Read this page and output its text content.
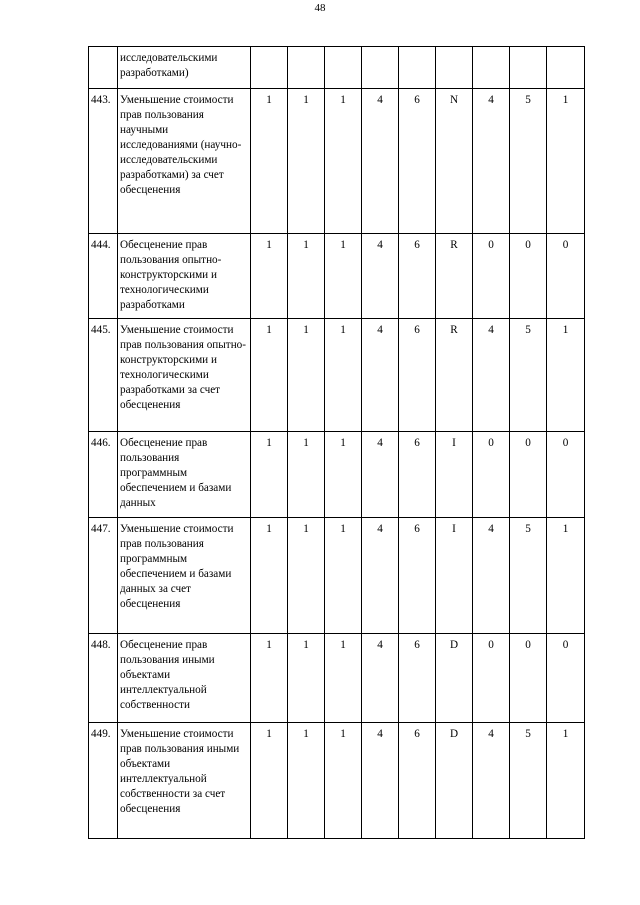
48
	исследовательскими разработками)									
443.	Уменьшение стоимости прав пользования научными исследованиями (научно-исследовательскими разработками) за счет обесценения	1	1	1	4	6	N	4	5	1
444.	Обесценение прав пользования опытно-конструкторскими и технологическими разработками	1	1	1	4	6	R	0	0	0
445.	Уменьшение стоимости прав пользования опытно-конструкторскими и технологическими разработками за счет обесценения	1	1	1	4	6	R	4	5	1
446.	Обесценение прав пользования программным обеспечением и базами данных	1	1	1	4	6	I	0	0	0
447.	Уменьшение стоимости прав пользования программным обеспечением и базами данных за счет обесценения	1	1	1	4	6	I	4	5	1
448.	Обесценение прав пользования иными объектами интеллектуальной собственности	1	1	1	4	6	D	0	0	0
449.	Уменьшение стоимости прав пользования иными объектами интеллектуальной собственности за счет обесценения	1	1	1	4	6	D	4	5	1
